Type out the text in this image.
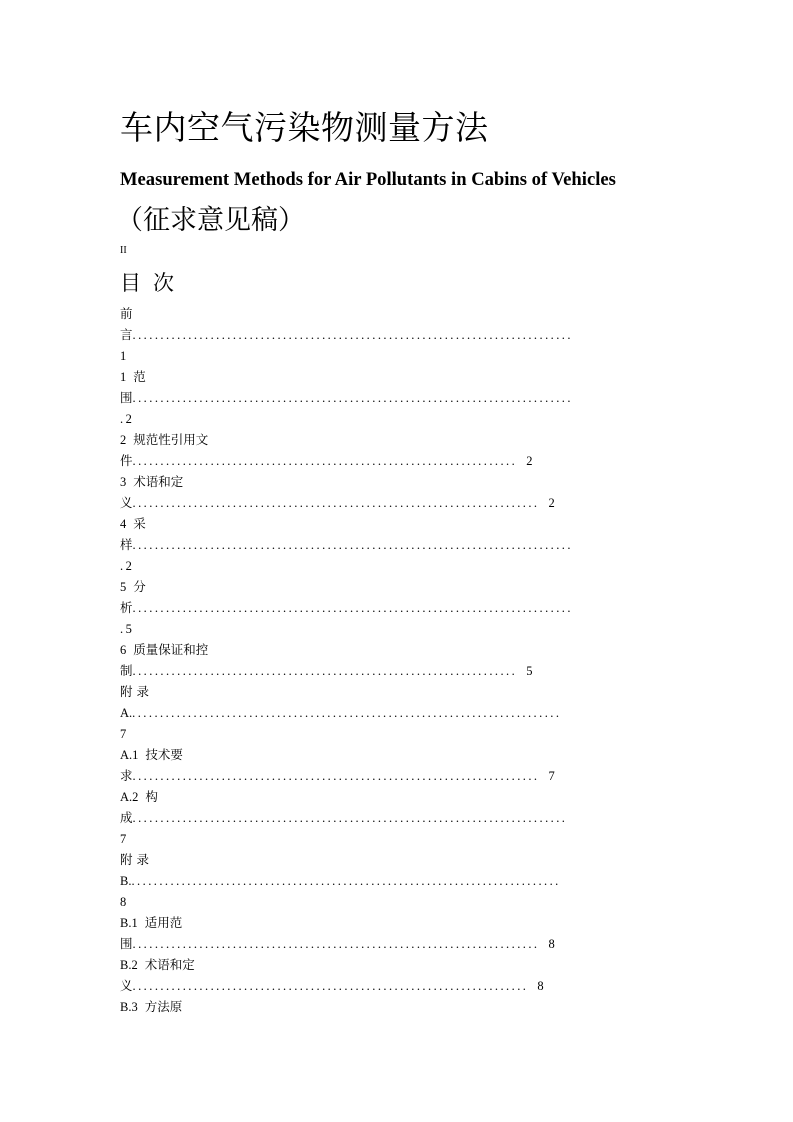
车内空气污染物测量方法
Measurement Methods for Air Pollutants in Cabins of Vehicles
（征求意见稿）
II
目 次
前
言...............................................................................
1
1 范
围...............................................................................
.2
2 规范性引用文
件..................................................................... 2
3 术语和定
义......................................................................... 2
4 采
样...............................................................................
.2
5 分
析...............................................................................
.5
6 质量保证和控
制..................................................................... 5
附 录
A..............................................................................
7
A.1 技术要
求......................................................................... 7
A.2 构
成..............................................................................
7
附 录
B..............................................................................
8
B.1 适用范
围......................................................................... 8
B.2 术语和定
义....................................................................... 8
B.3 方法原
